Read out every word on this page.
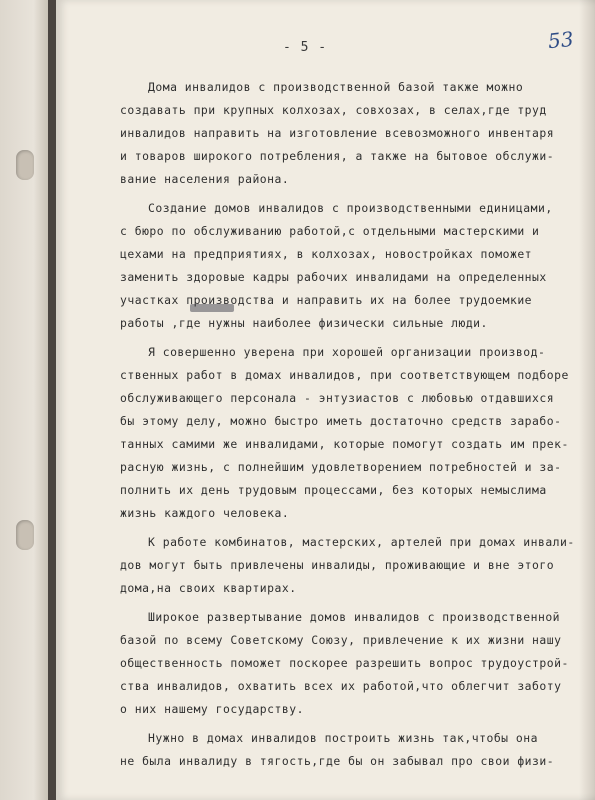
- 5 -	53
Дома инвалидов с производственной базой также можно
создавать при крупных колхозах, совхозах, в селах,где труд
инвалидов направить на изготовление всевозможного инвентаря
и товаров широкого потребления, а также на бытовое обслужи-
вание населения района.
Создание домов инвалидов с производственными единицами,
с бюро по обслуживанию работой,с отдельными мастерскими и
цехами на предприятиях, в колхозах, новостройках поможет
заменить здоровые кадры рабочих инвалидами на определенных
участках производства и направить их на более трудоемкие
работы ,где нужны наиболее физически сильные люди.
Я совершенно уверена при хорошей организации производ-
ственных работ в домах инвалидов, при соответствующем подборе
обслуживающего персонала - энтузиастов с любовью отдавшихся
бы этому делу, можно быстро иметь достаточно средств зарабо-
танных самими же инвалидами, которые помогут создать им прек-
расную жизнь, с полнейшим удовлетворением потребностей и за-
полнить их день трудовым процессами, без которых немыслима
жизнь каждого человека.
К работе комбинатов, мастерских, артелей при домах инвали-
дов могут быть привлечены инвалиды, проживающие и вне этого
дома,на своих квартирах.
Широкое развертывание домов инвалидов с производственной
базой по всему Советскому Союзу, привлечение к их жизни нашу
общественность поможет поскорее разрешить вопрос трудоустрой-
ства инвалидов, охватить всех их работой,что облегчит заботу
о них нашему государству.
Нужно в домах инвалидов построить жизнь так,чтобы она
не была инвалиду в тягость,где бы он забывал про свои физи-
